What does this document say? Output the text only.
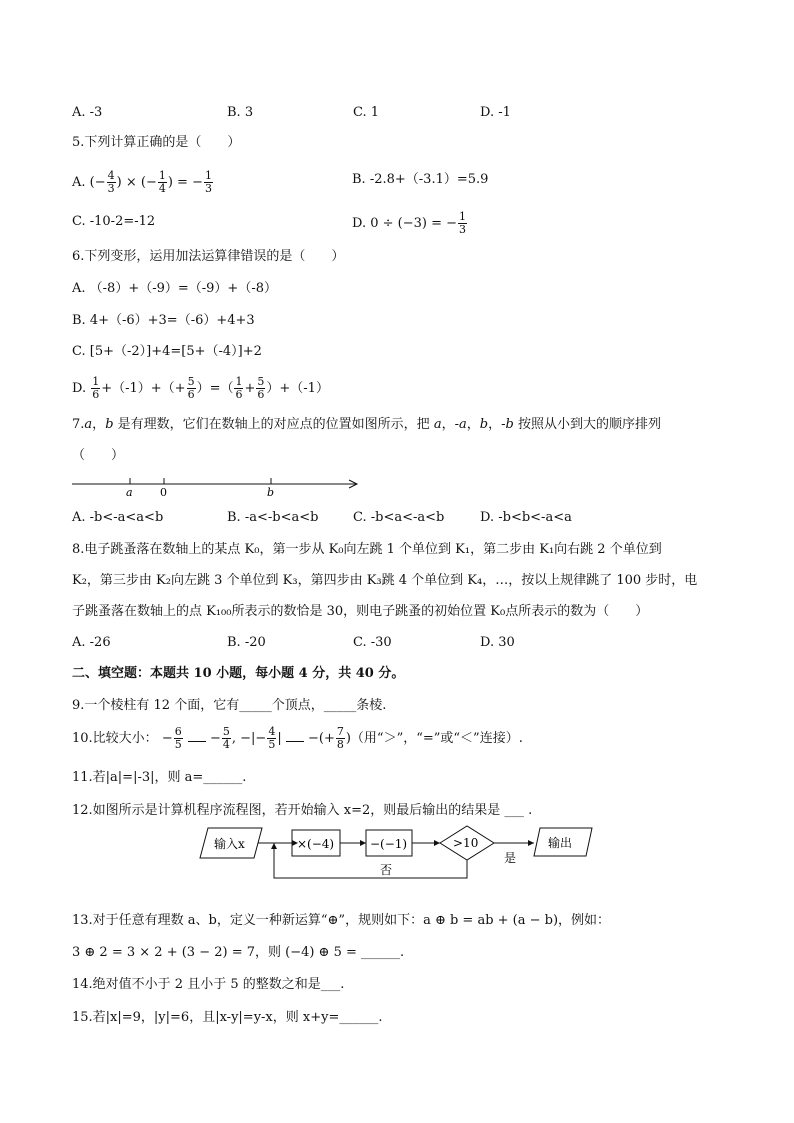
A. -3	B. 3	C. 1	D. -1
5.下列计算正确的是（　　）
A. (− $\frac{4}{3}$ ) × (− $\frac{1}{4}$ ) = − $\frac{1}{3}$	B. -2.8+（-3.1）=5.9
C. -10-2=-12	D. 0 ÷ (−3) = − $\frac{1}{3}$
6.下列变形，运用加法运算律错误的是（　　）
A. （-8）+（-9）=（-9）+（-8）
B. 4+（-6）+3=（-6）+4+3
C. [5+（-2）]+4=[5+（-4）]+2
D. $\frac{1}{6} +(-1)+(+ \frac{5}{6}$ ）=（ $\frac{1}{6} + \frac{5}{6} )+(-1)$
7.a，b 是有理数，它们在数轴上的对应点的位置如图所示，把 a，-a，b，-b 按照从小到大的顺序排列
（　　）
a 0	b
A. -b<-a<a<b	B. -a<-b<a<b	C. -b<a<-a<b	D. -b<b<-a<a
8.电子跳蚤落在数轴上的某点 K₀，第一步从 K₀向左跳 1 个单位到 K₁，第二步由 K₁向右跳 2 个单位到
K₂，第三步由 K₂向左跳 3 个单位到 K₃，第四步由 K₃跳 4 个单位到 K₄，…，按以上规律跳了 100 步时，电
子跳蚤落在数轴上的点 K₁₀₀所表示的数恰是 30，则电子跳蚤的初始位置 K₀点所表示的数为（　　）
A. -26	B. -20	C. -30	D. 30
二、填空题：本题共 10 小题，每小题 4 分，共 40 分。
9.一个棱柱有 12 个面，它有_____个顶点，_____条棱.
10.比较大小： − $\frac{6}{5} - \frac{5}{4}$ , −|− $\frac{4}{5}$ |  −(+ $\frac{7}{8}$ )（用“＞”，“=”或“＜”连接）.
11.若|a|=|-3|，则 a=______.
12.如图所示是计算机程序流程图，若开始输入 x=2，则最后输出的结果是 ___ .
输入x	×(−4)	−(−1)	>10
是
输出
否
13.对于任意有理数 a、b，定义一种新运算“⊕”，规则如下：a ⊕ b = ab + (a − b)，例如：
3 ⊕ 2 = 3 × 2 + (3 − 2) = 7，则 (−4) ⊕ 5 = ______.
14.绝对值不小于 2 且小于 5 的整数之和是___.
15.若|x|=9，|y|=6，且|x-y|=y-x，则 x+y=______.
